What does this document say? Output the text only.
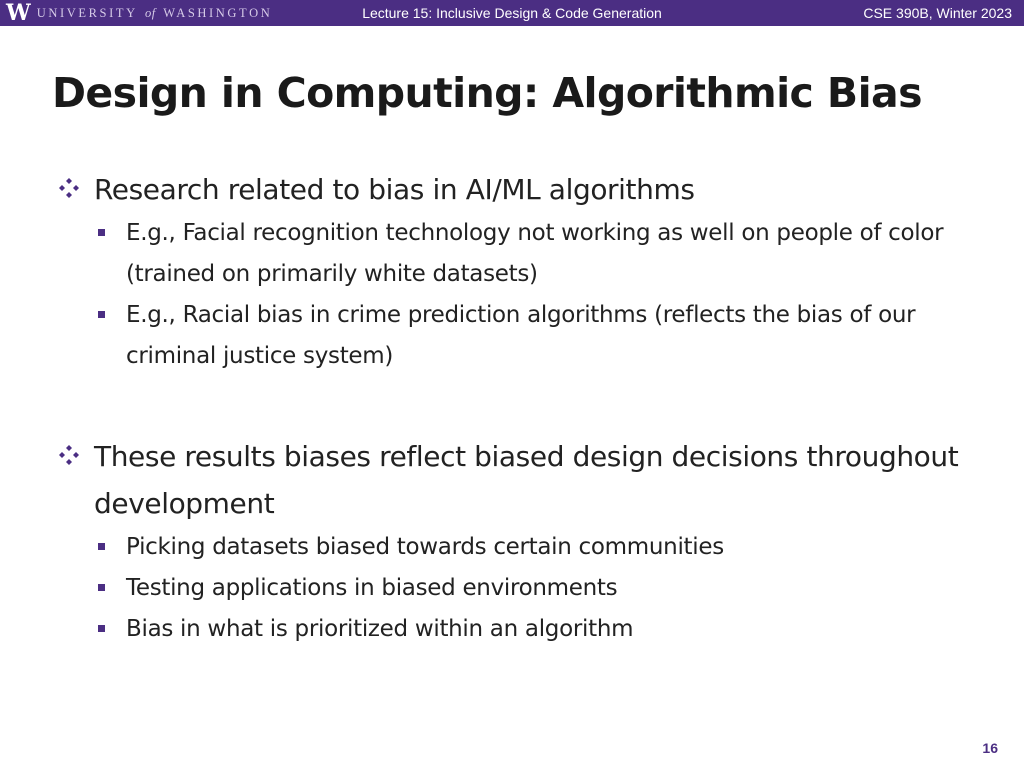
W UNIVERSITY of WASHINGTON	Lecture 15: Inclusive Design & Code Generation	CSE 390B, Winter 2023
Design in Computing: Algorithmic Bias
Research related to bias in AI/ML algorithms
E.g., Facial recognition technology not working as well on people of color (trained on primarily white datasets)
E.g., Racial bias in crime prediction algorithms (reflects the bias of our criminal justice system)
These results biases reflect biased design decisions throughout development
Picking datasets biased towards certain communities
Testing applications in biased environments
Bias in what is prioritized within an algorithm
16
